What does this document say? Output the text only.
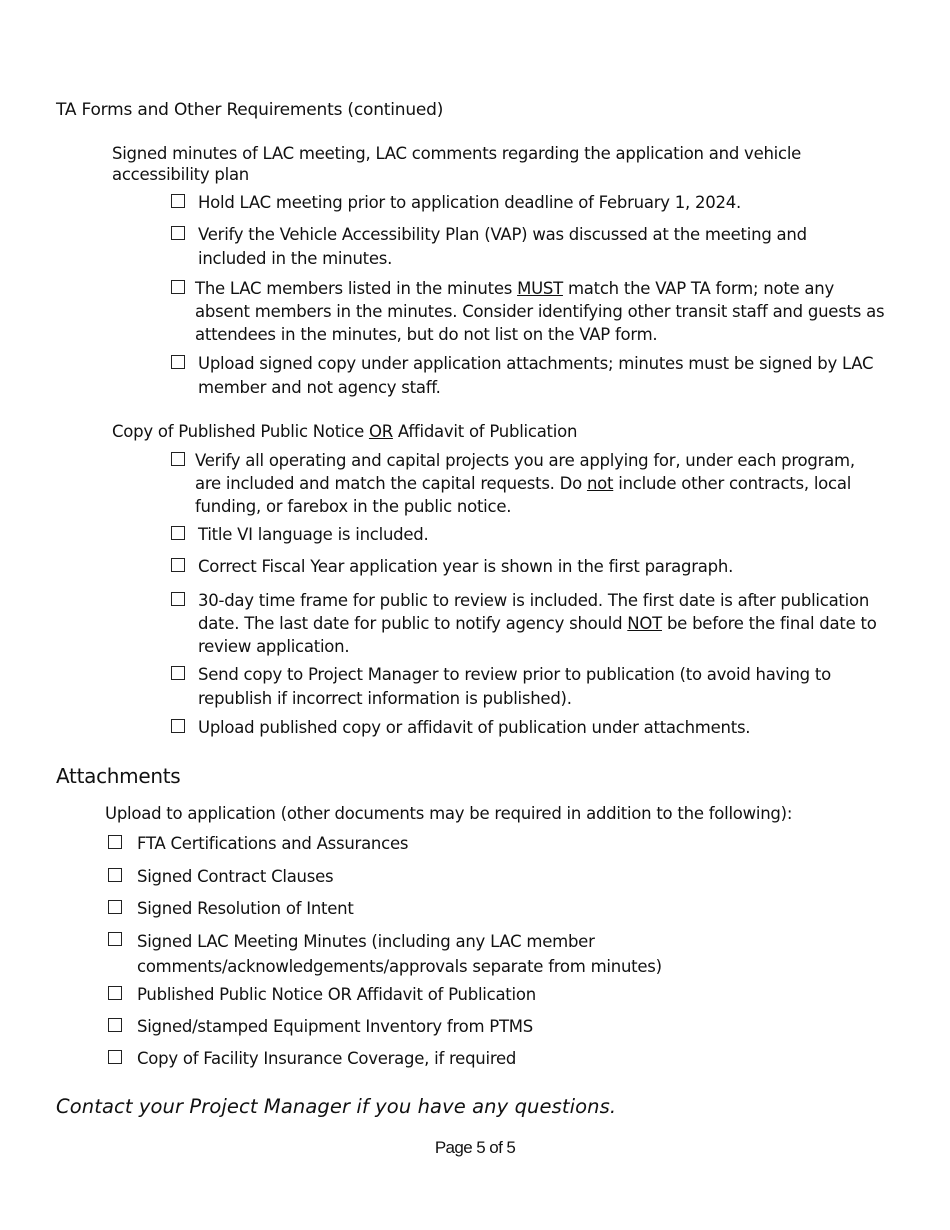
TA Forms and Other Requirements (continued)
Signed minutes of LAC meeting, LAC comments regarding the application and vehicle accessibility plan
Hold LAC meeting prior to application deadline of February 1, 2024.
Verify the Vehicle Accessibility Plan (VAP) was discussed at the meeting and included in the minutes.
The LAC members listed in the minutes MUST match the VAP TA form; note any absent members in the minutes. Consider identifying other transit staff and guests as attendees in the minutes, but do not list on the VAP form.
Upload signed copy under application attachments; minutes must be signed by LAC member and not agency staff.
Copy of Published Public Notice OR Affidavit of Publication
Verify all operating and capital projects you are applying for, under each program, are included and match the capital requests. Do not include other contracts, local funding, or farebox in the public notice.
Title VI language is included.
Correct Fiscal Year application year is shown in the first paragraph.
30-day time frame for public to review is included. The first date is after publication date. The last date for public to notify agency should NOT be before the final date to review application.
Send copy to Project Manager to review prior to publication (to avoid having to republish if incorrect information is published).
Upload published copy or affidavit of publication under attachments.
Attachments
Upload to application (other documents may be required in addition to the following):
FTA Certifications and Assurances
Signed Contract Clauses
Signed Resolution of Intent
Signed LAC Meeting Minutes (including any LAC member comments/acknowledgements/approvals separate from minutes)
Published Public Notice OR Affidavit of Publication
Signed/stamped Equipment Inventory from PTMS
Copy of Facility Insurance Coverage, if required
Contact your Project Manager if you have any questions.
Page 5 of 5
